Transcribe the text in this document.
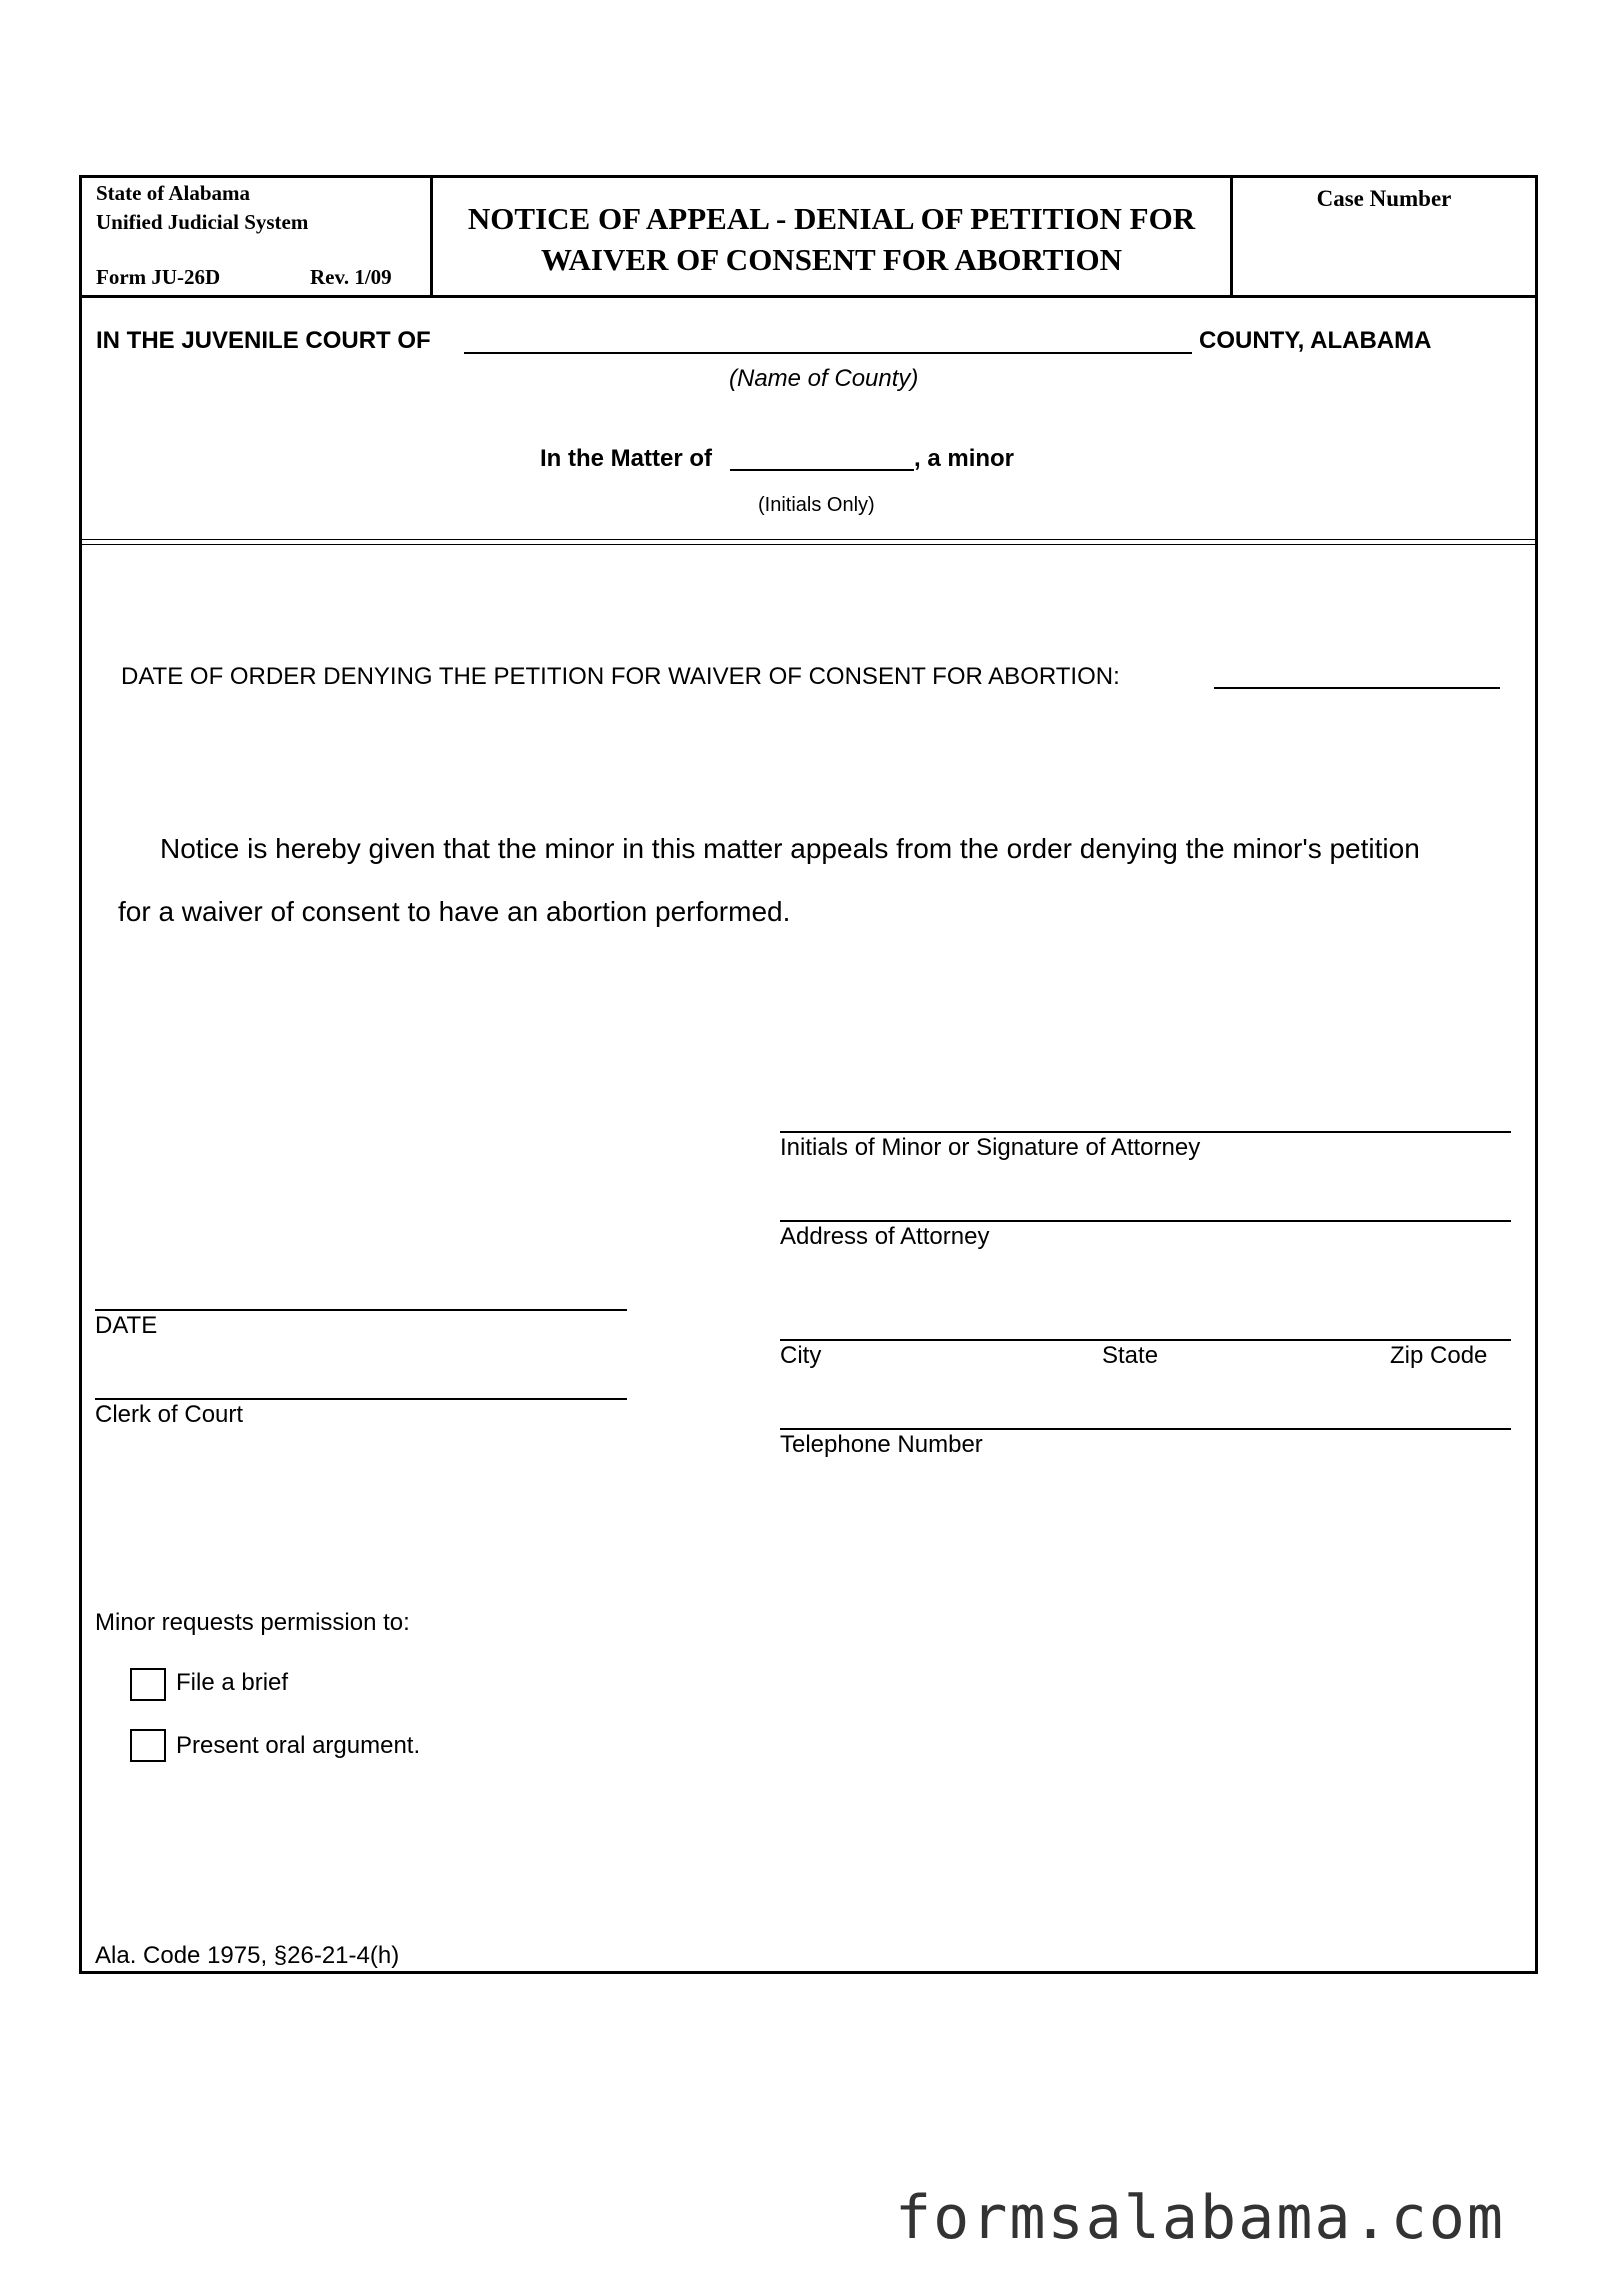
State of Alabama
Unified Judicial System
Form JU-26D	Rev. 1/09
NOTICE OF APPEAL - DENIAL OF PETITION FOR
WAIVER OF CONSENT FOR ABORTION
Case Number
IN THE JUVENILE COURT OF	COUNTY, ALABAMA
(Name of County)
In the Matter of	, a minor
(Initials Only)
DATE OF ORDER DENYING THE PETITION FOR WAIVER OF CONSENT FOR ABORTION:
Notice is hereby given that the minor in this matter appeals from the order denying the minor's petition
for a waiver of consent to have an abortion performed.
Initials of Minor or Signature of Attorney
Address of Attorney
City	State	Zip Code
Telephone Number
DATE
Clerk of Court
Minor requests permission to:
File a brief
Present oral argument.
Ala. Code 1975, §26-21-4(h)
formsalabama.com
